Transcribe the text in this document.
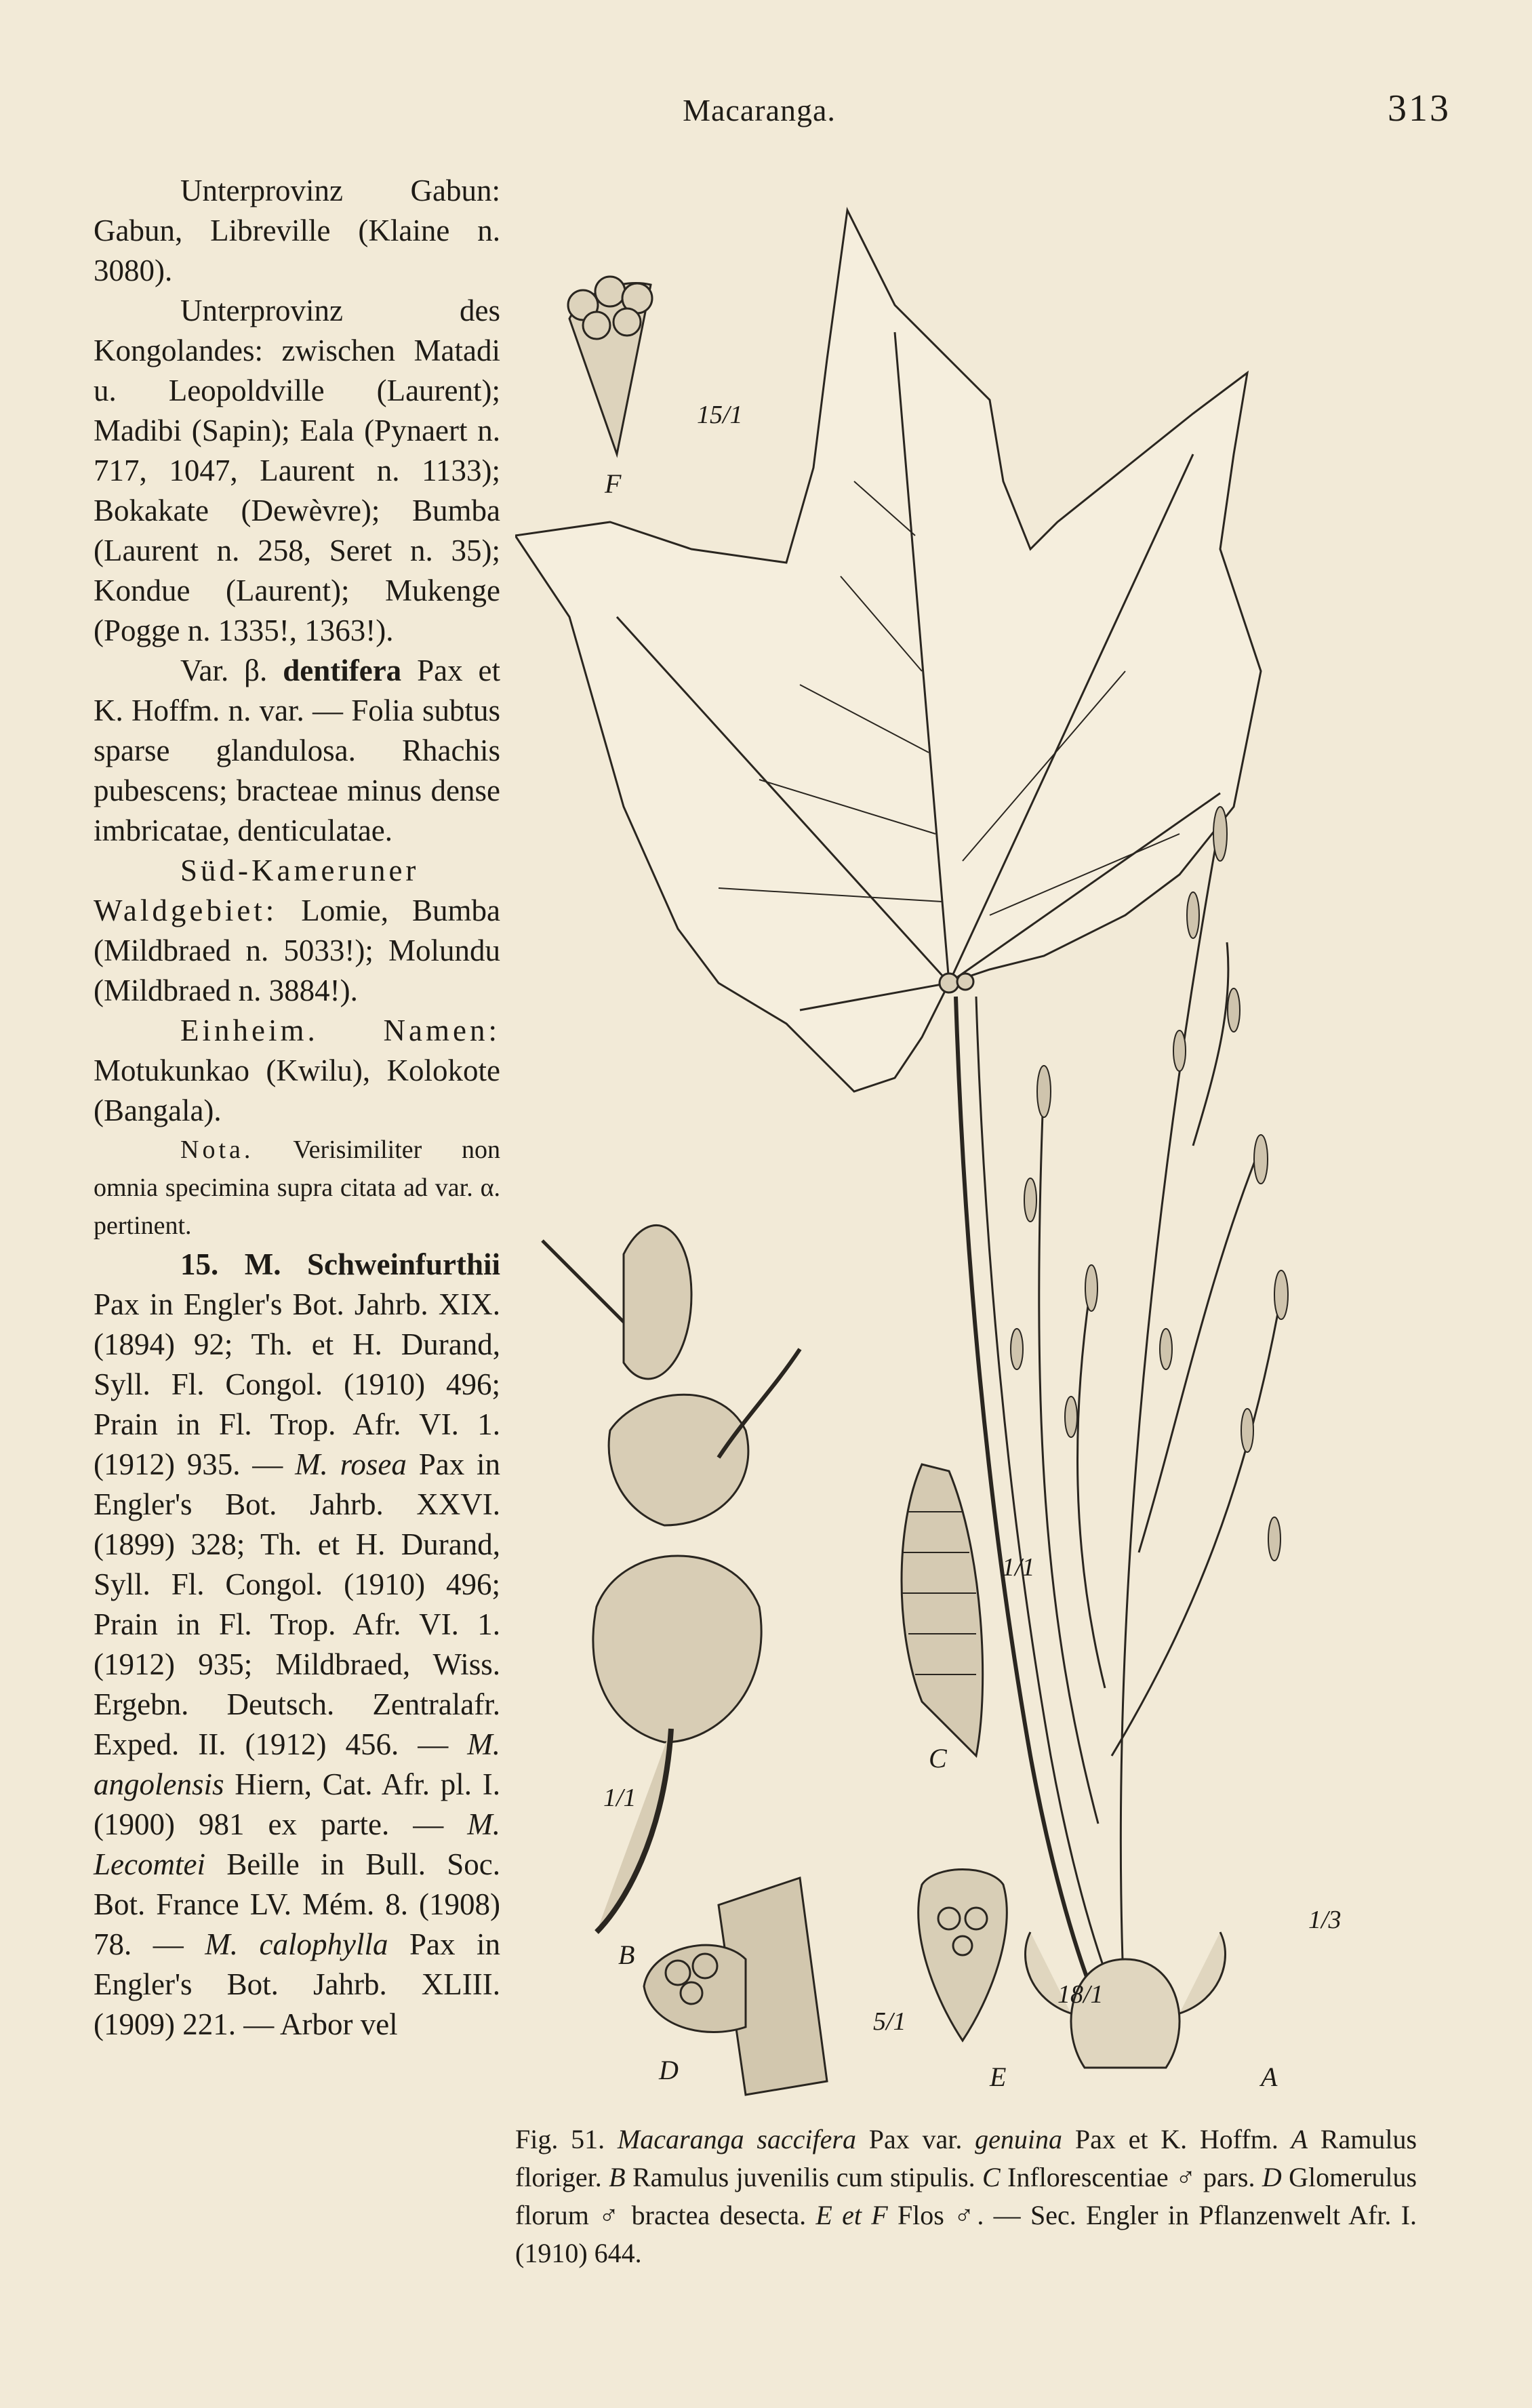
Macaranga.	313

Unterprovinz Gabun: Gabun, Libreville (Klaine n. 3080).

Unterprovinz des Kongolandes: zwischen Matadi u. Leopoldville (Laurent); Madibi (Sapin); Eala (Pynaert n. 717, 1047, Laurent n. 1133); Bokakate (Dewèvre); Bumba (Laurent n. 258, Seret n. 35); Kondue (Laurent); Mukenge (Pogge n. 1335!, 1363!).

Var. β. dentifera Pax et K. Hoffm. n. var. — Folia subtus sparse glandulosa. Rhachis pubescens; bracteae minus dense imbricatae, denticulatae.

Süd-Kameruner Waldgebiet: Lomie, Bumba (Mildbraed n. 5033!); Molundu (Mildbraed n. 3884!).

Einheim. Namen: Motukunkao (Kwilu), Kolokote (Bangala).

Nota. Verisimiliter non omnia specimina supra citata ad var. α. pertinent.

15. M. Schweinfurthii Pax in Engler's Bot. Jahrb. XIX. (1894) 92; Th. et H. Durand, Syll. Fl. Congol. (1910) 496; Prain in Fl. Trop. Afr. VI. 1. (1912) 935. — M. rosea Pax in Engler's Bot. Jahrb. XXVI. (1899) 328; Th. et H. Durand, Syll. Fl. Congol. (1910) 496; Prain in Fl. Trop. Afr. VI. 1. (1912) 935; Mildbraed, Wiss. Ergebn. Deutsch. Zentralafr. Exped. II. (1912) 456. — M. angolensis Hiern, Cat. Afr. pl. I. (1900) 981 ex parte. — M. Lecomtei Beille in Bull. Soc. Bot. France LV. Mém. 8. (1908) 78. — M. calophylla Pax in Engler's Bot. Jahrb. XLIII. (1909) 221. — Arbor vel

F
15/1
C
1/1
1/1
B
D
5/1
18/1
E
1/3
A
Fig. 51. Macaranga saccifera Pax var. genuina Pax et K. Hoffm. A Ramulus floriger. B Ramulus juvenilis cum stipulis. C Inflorescentiae ♂ pars. D Glomerulus florum ♂ bractea desecta. E et F Flos ♂. — Sec. Engler in Pflanzenwelt Afr. I. (1910) 644.
